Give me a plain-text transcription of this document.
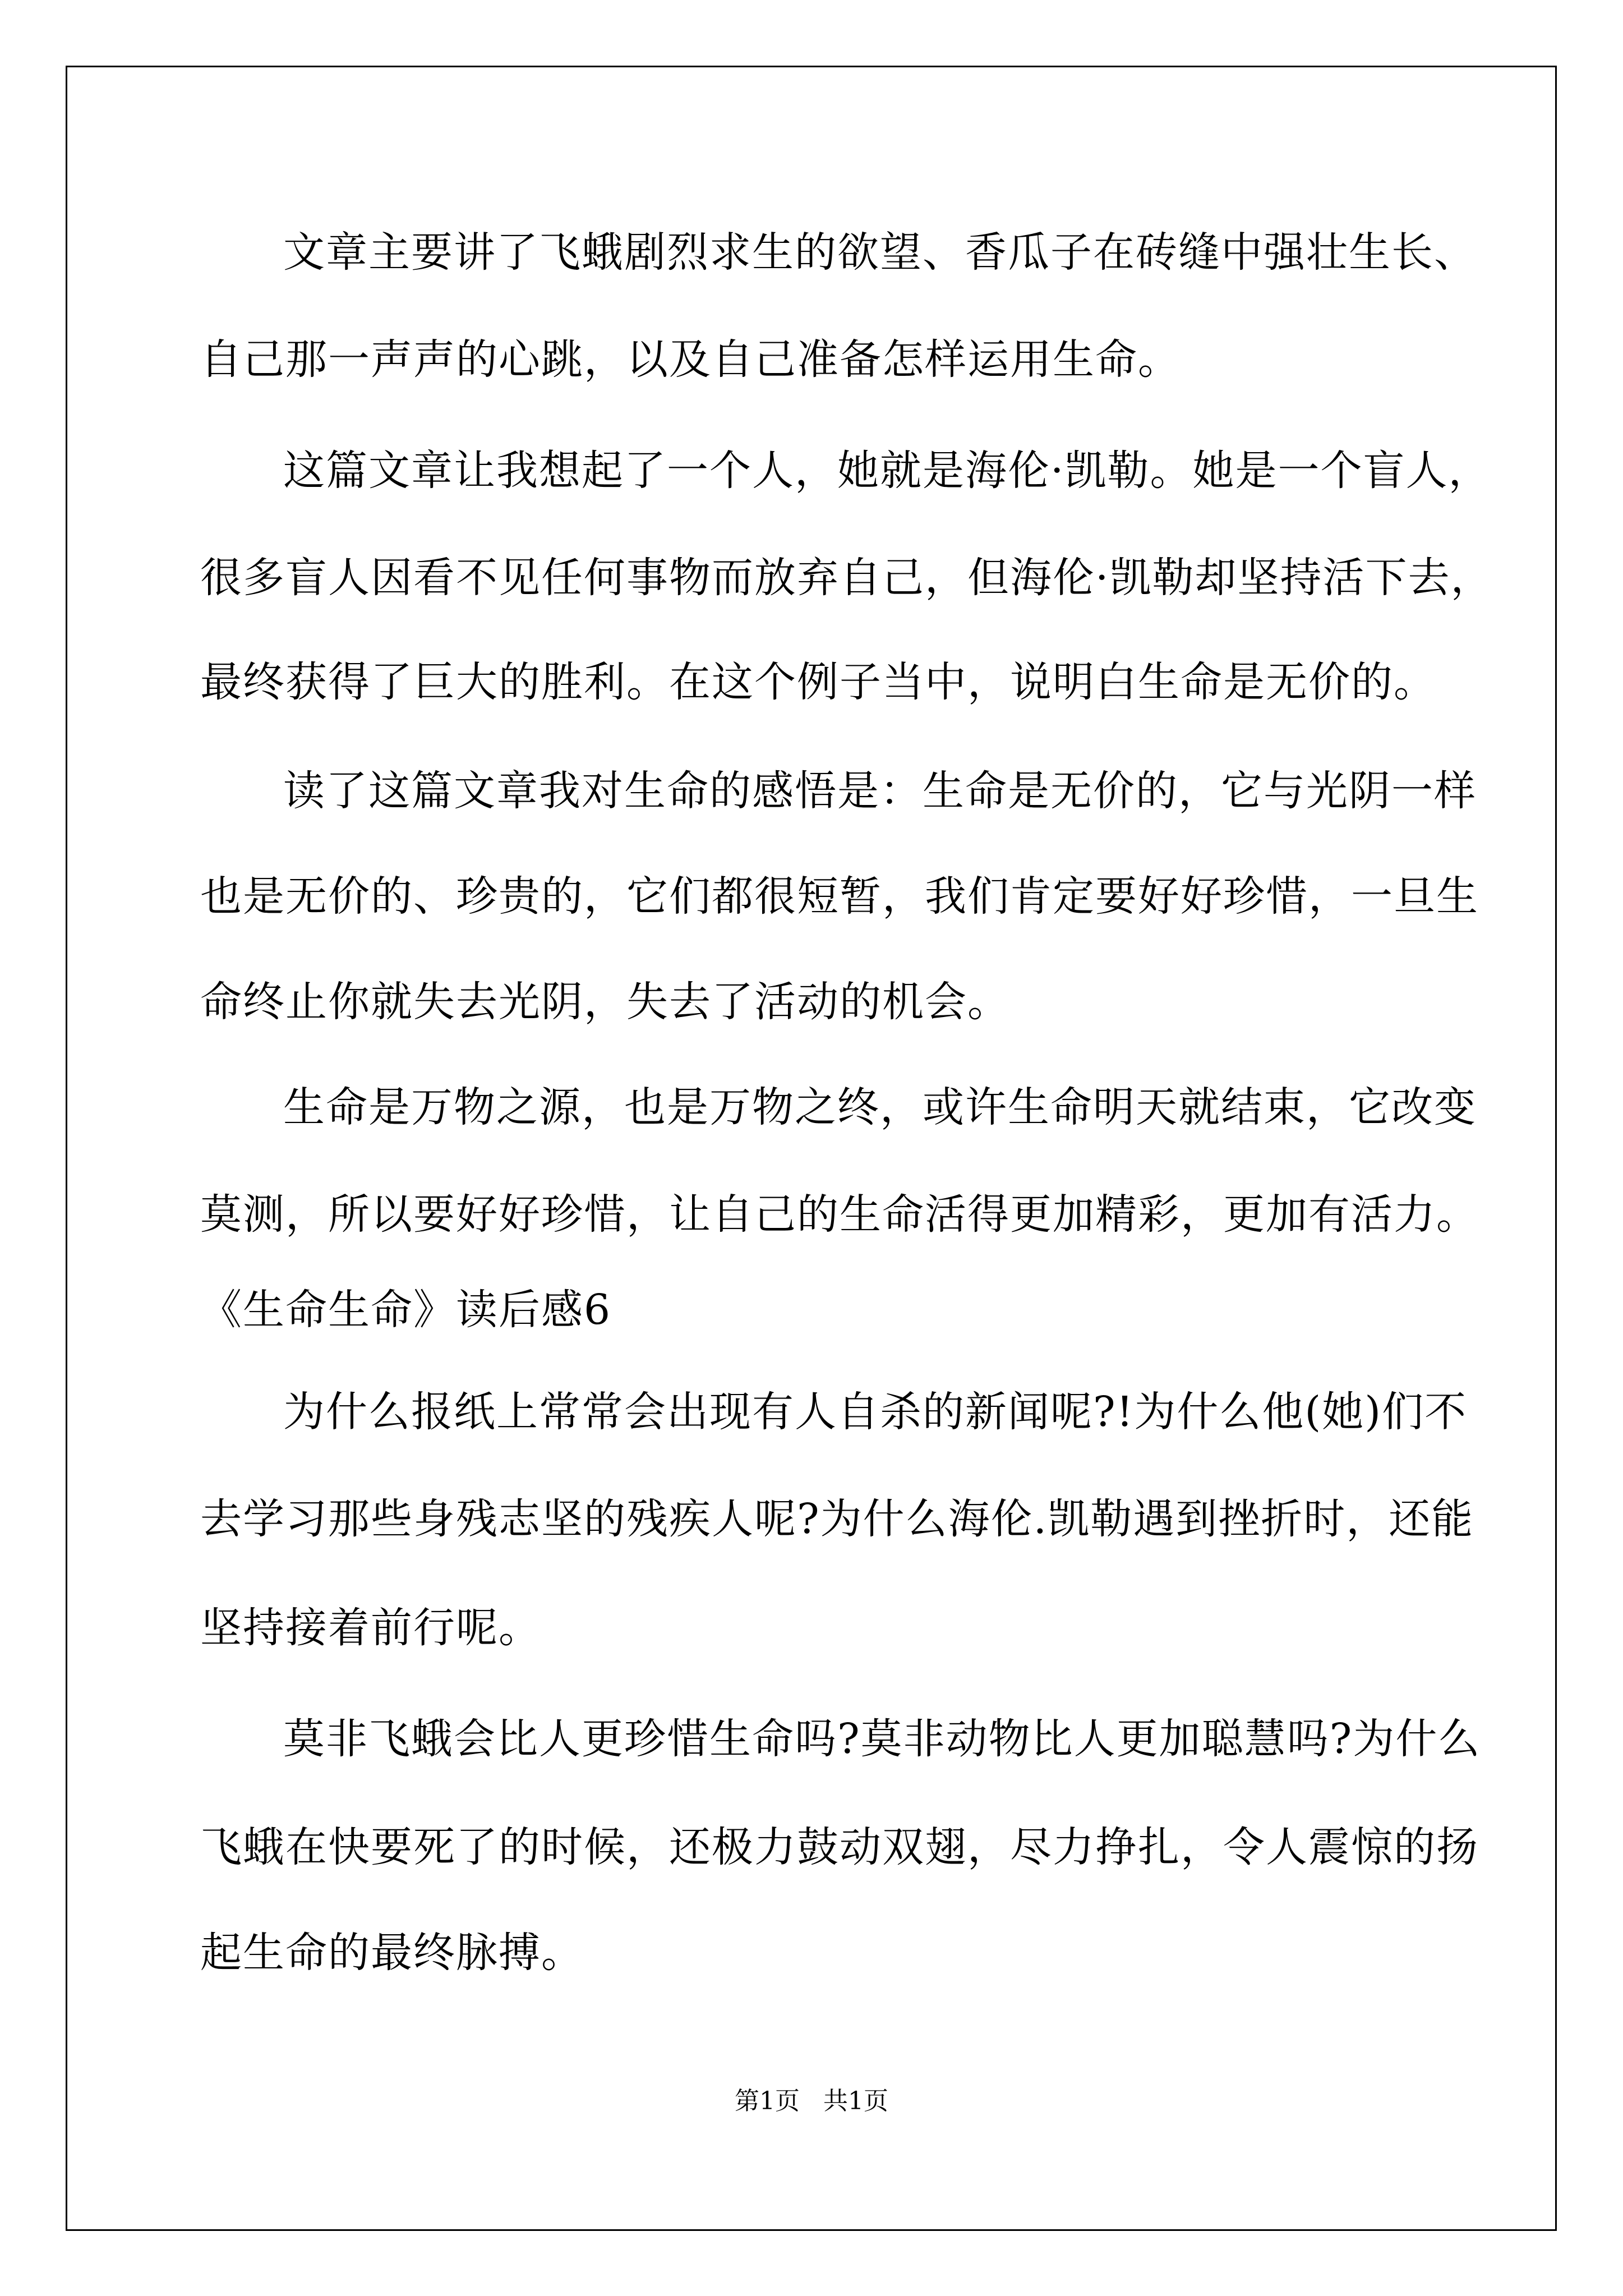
文章主要讲了飞蛾剧烈求生的欲望、香瓜子在砖缝中强壮生长、
自己那一声声的心跳，以及自己准备怎样运用生命。
这篇文章让我想起了一个人，她就是海伦·凯勒。她是一个盲人，
很多盲人因看不见任何事物而放弃自己，但海伦·凯勒却坚持活下去，
最终获得了巨大的胜利。在这个例子当中，说明白生命是无价的。
读了这篇文章我对生命的感悟是：生命是无价的，它与光阴一样
也是无价的、珍贵的，它们都很短暂，我们肯定要好好珍惜，一旦生
命终止你就失去光阴，失去了活动的机会。
生命是万物之源，也是万物之终，或许生命明天就结束，它改变
莫测，所以要好好珍惜，让自己的生命活得更加精彩，更加有活力。
《生命生命》读后感6
为什么报纸上常常会出现有人自杀的新闻呢?!为什么他(她)们不
去学习那些身残志坚的残疾人呢?为什么海伦.凯勒遇到挫折时，还能
坚持接着前行呢。
莫非飞蛾会比人更珍惜生命吗?莫非动物比人更加聪慧吗?为什么
飞蛾在快要死了的时候，还极力鼓动双翅，尽力挣扎，令人震惊的扬
起生命的最终脉搏。
第1页   共1页
